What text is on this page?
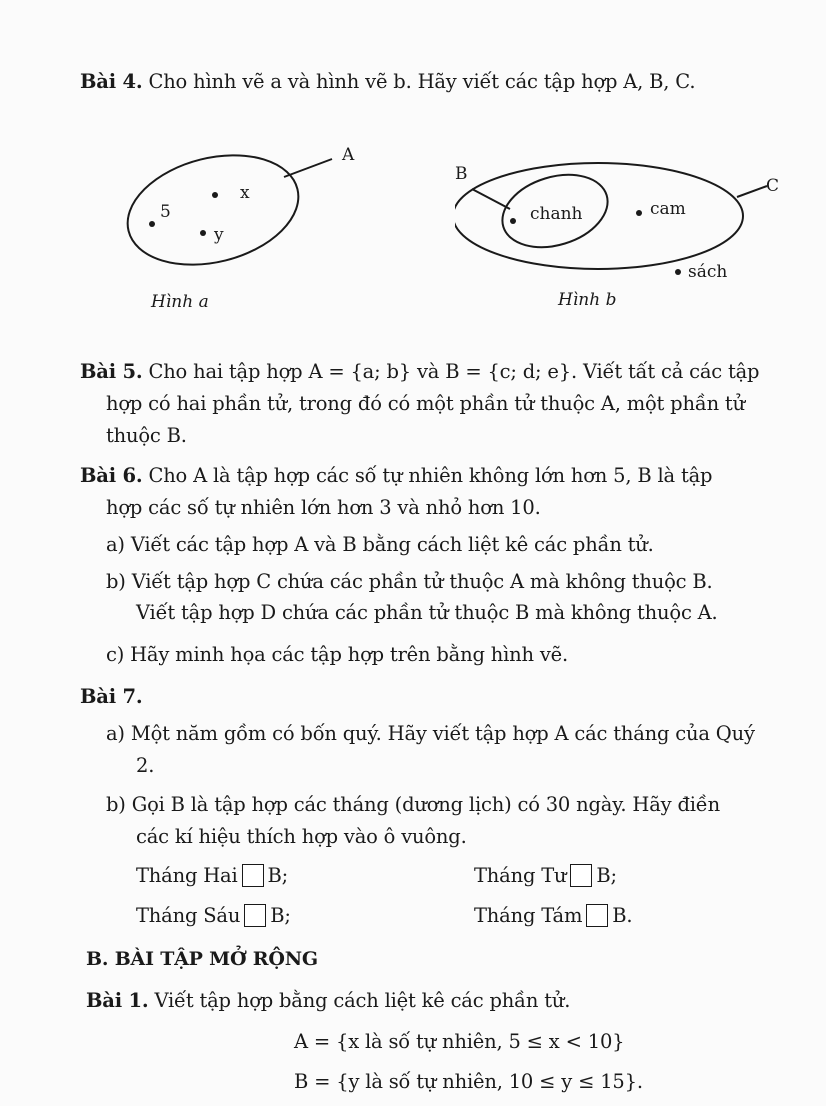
Bài 4. Cho hình vẽ a và hình vẽ b. Hãy viết các tập hợp A, B, C.
A
x
5
y
Hình a
B
C
chanh	cam
sách
Hình b
Bài 5. Cho hai tập hợp A = {a; b} và B = {c; d; e}. Viết tất cả các tập
hợp có hai phần tử, trong đó có một phần tử thuộc A, một phần tử
thuộc B.
Bài 6. Cho A là tập hợp các số tự nhiên không lớn hơn 5, B là tập
hợp các số tự nhiên lớn hơn 3 và nhỏ hơn 10.
a) Viết các tập hợp A và B bằng cách liệt kê các phần tử.
b) Viết tập hợp C chứa các phần tử thuộc A mà không thuộc B.
Viết tập hợp D chứa các phần tử thuộc B mà không thuộc A.
c) Hãy minh họa các tập hợp trên bằng hình vẽ.
Bài 7.
a) Một năm gồm có bốn quý. Hãy viết tập hợp A các tháng của Quý
2.
b) Gọi B là tập hợp các tháng (dương lịch) có 30 ngày. Hãy điền
các kí hiệu thích hợp vào ô vuông.
Tháng Hai B;	Tháng Tư B;
Tháng Sáu B;	Tháng Tám B.
B. BÀI TẬP MỞ RỘNG
Bài 1. Viết tập hợp bằng cách liệt kê các phần tử.
A = {x là số tự nhiên, 5 ≤ x < 10}
B = {y là số tự nhiên, 10 ≤ y ≤ 15}.
